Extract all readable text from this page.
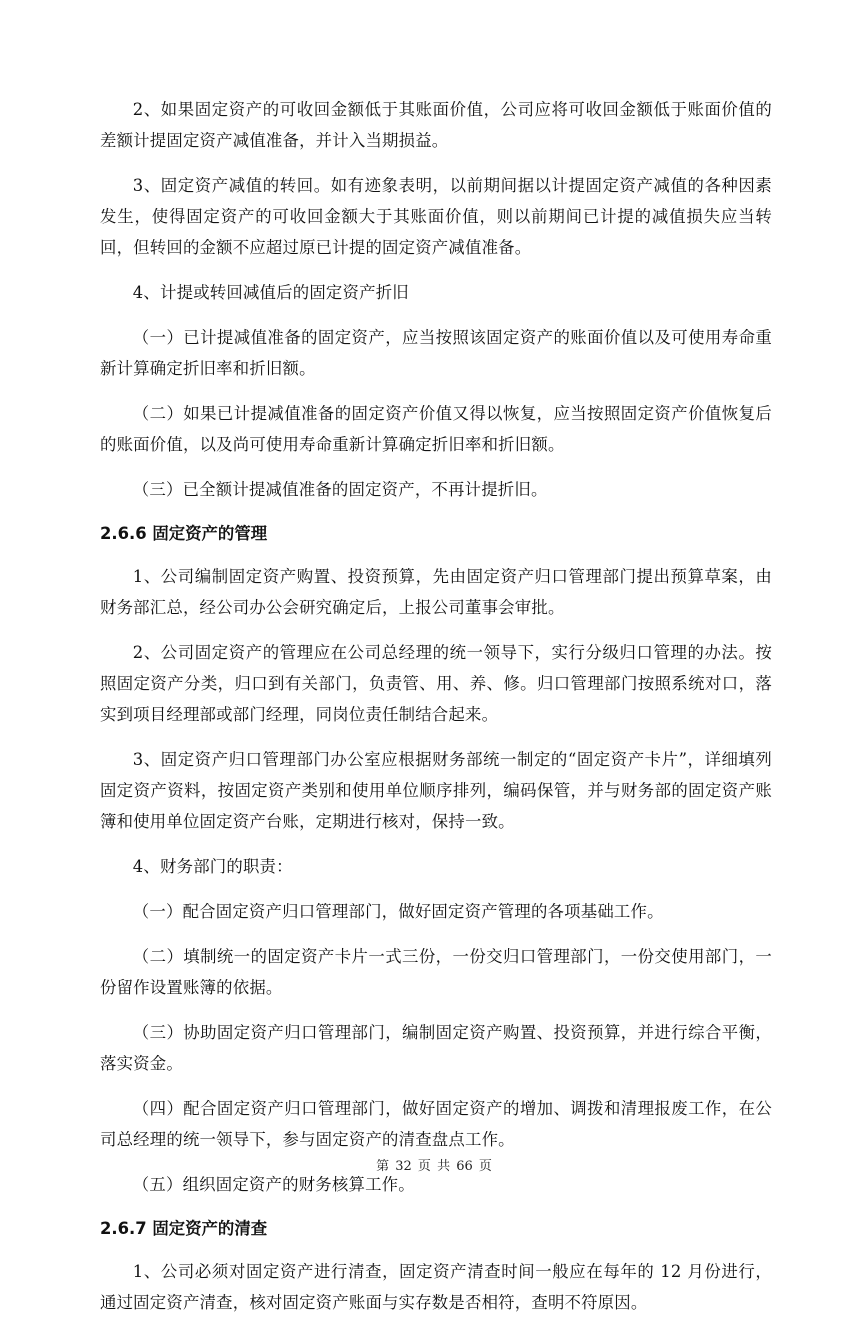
2、如果固定资产的可收回金额低于其账面价值，公司应将可收回金额低于账面价值的差额计提固定资产减值准备，并计入当期损益。

3、固定资产减值的转回。如有迹象表明，以前期间据以计提固定资产减值的各种因素发生，使得固定资产的可收回金额大于其账面价值，则以前期间已计提的减值损失应当转回，但转回的金额不应超过原已计提的固定资产减值准备。

4、计提或转回减值后的固定资产折旧

（一）已计提减值准备的固定资产，应当按照该固定资产的账面价值以及可使用寿命重新计算确定折旧率和折旧额。

（二）如果已计提减值准备的固定资产价值又得以恢复，应当按照固定资产价值恢复后的账面价值，以及尚可使用寿命重新计算确定折旧率和折旧额。

（三）已全额计提减值准备的固定资产，不再计提折旧。

2.6.6 固定资产的管理

1、公司编制固定资产购置、投资预算，先由固定资产归口管理部门提出预算草案，由财务部汇总，经公司办公会研究确定后，上报公司董事会审批。

2、公司固定资产的管理应在公司总经理的统一领导下，实行分级归口管理的办法。按照固定资产分类，归口到有关部门，负责管、用、养、修。归口管理部门按照系统对口，落实到项目经理部或部门经理，同岗位责任制结合起来。

3、固定资产归口管理部门办公室应根据财务部统一制定的“固定资产卡片”，详细填列固定资产资料，按固定资产类别和使用单位顺序排列，编码保管，并与财务部的固定资产账簿和使用单位固定资产台账，定期进行核对，保持一致。

4、财务部门的职责：

（一）配合固定资产归口管理部门，做好固定资产管理的各项基础工作。

（二）填制统一的固定资产卡片一式三份，一份交归口管理部门，一份交使用部门，一份留作设置账簿的依据。

（三）协助固定资产归口管理部门，编制固定资产购置、投资预算，并进行综合平衡，落实资金。

（四）配合固定资产归口管理部门，做好固定资产的增加、调拨和清理报废工作，在公司总经理的统一领导下，参与固定资产的清查盘点工作。

（五）组织固定资产的财务核算工作。

2.6.7 固定资产的清查

1、公司必须对固定资产进行清查，固定资产清查时间一般应在每年的 12 月份进行，通过固定资产清查，核对固定资产账面与实存数是否相符，查明不符原因。

第 32 页 共 66 页
